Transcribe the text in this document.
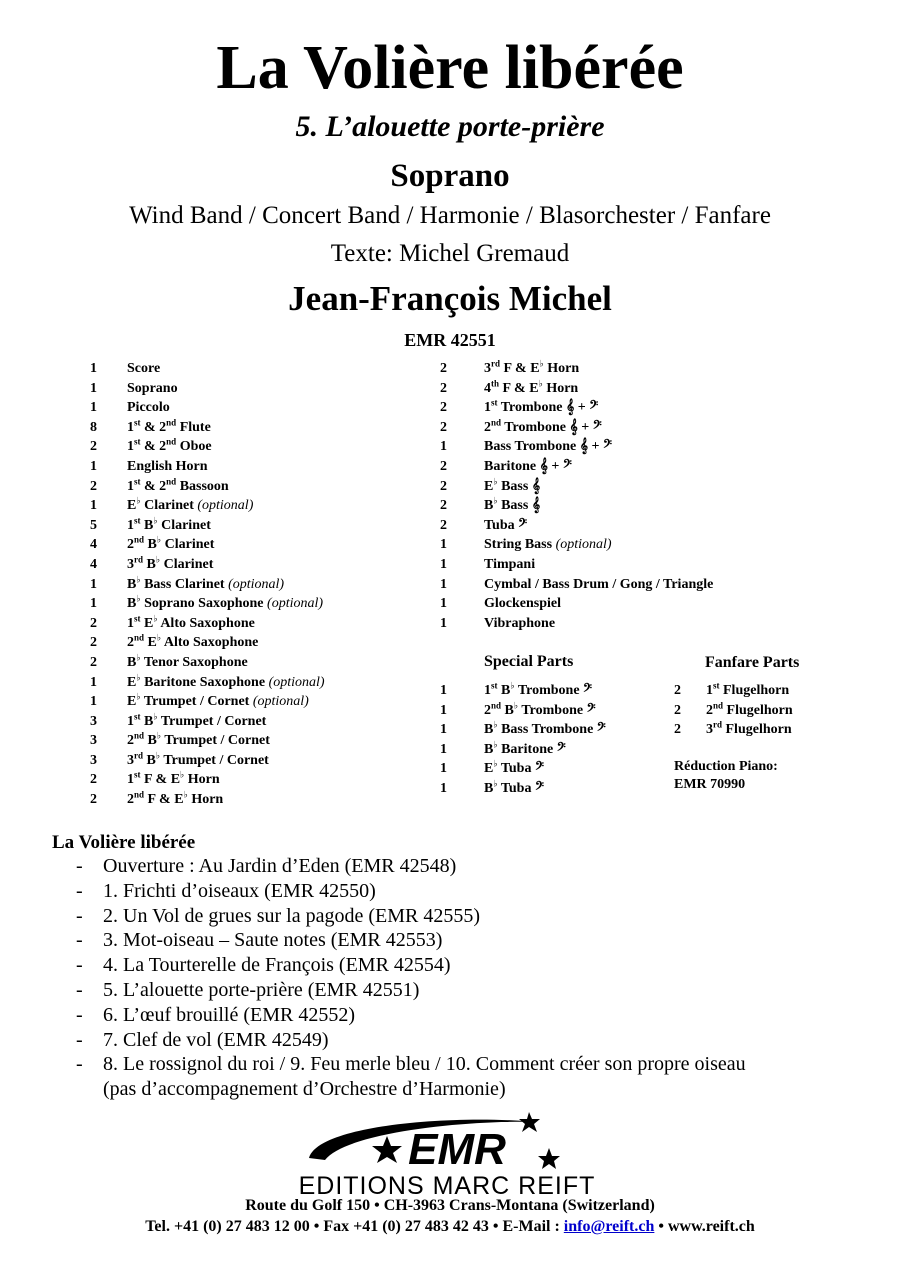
La Volière libérée
5. L’alouette porte-prière
Soprano
Wind Band / Concert Band / Harmonie / Blasorchester / Fanfare
Texte: Michel Gremaud
Jean-François Michel
EMR 42551
1 Score
1 Soprano
1 Piccolo
8 1st & 2nd Flute
2 1st & 2nd Oboe
1 English Horn
2 1st & 2nd Bassoon
1 E♭ Clarinet (optional)
5 1st B♭ Clarinet
4 2nd B♭ Clarinet
4 3rd B♭ Clarinet
1 B♭ Bass Clarinet (optional)
1 B♭ Soprano Saxophone (optional)
2 1st E♭ Alto Saxophone
2 2nd E♭ Alto Saxophone
2 B♭ Tenor Saxophone
1 E♭ Baritone Saxophone (optional)
1 E♭ Trumpet / Cornet (optional)
3 1st B♭ Trumpet / Cornet
3 2nd B♭ Trumpet / Cornet
3 3rd B♭ Trumpet / Cornet
2 1st F & E♭ Horn
2 2nd F & E♭ Horn
2	3rd F & E♭ Horn
2	4th F & E♭ Horn
2	1st Trombone 𝄞 + 𝄢
2	2nd Trombone 𝄞 + 𝄢
1	Bass Trombone 𝄞 + 𝄢
2	Baritone 𝄞 + 𝄢
2	E♭ Bass 𝄞
2	B♭ Bass 𝄞
2	Tuba 𝄢
1	String Bass (optional)
1	Timpani
1	Cymbal / Bass Drum / Gong / Triangle
1	Glockenspiel
1	Vibraphone
Special Parts	Fanfare Parts
1	1st B♭ Trombone 𝄢
1	2nd B♭ Trombone 𝄢
1	B♭ Bass Trombone 𝄢
1	B♭ Baritone 𝄢
1	E♭ Tuba 𝄢
1	B♭ Tuba 𝄢
2 1st Flugelhorn
2 2nd Flugelhorn
2 3rd Flugelhorn
Réduction Piano:
EMR 70990
La Volière libérée
- Ouverture : Au Jardin d’Eden (EMR 42548)
- 1. Frichti d’oiseaux (EMR 42550)
- 2. Un Vol de grues sur la pagode (EMR 42555)
- 3. Mot-oiseau – Saute notes (EMR 42553)
- 4. La Tourterelle de François (EMR 42554)
- 5. L’alouette porte-prière (EMR 42551)
- 6. L’œuf brouillé (EMR 42552)
- 7. Clef de vol (EMR 42549)
- 8. Le rossignol du roi / 9. Feu merle bleu / 10. Comment créer son propre oiseau
(pas d’accompagnement d’Orchestre d’Harmonie)
EMR
EDITIONS MARC REIFT
Route du Golf 150 • CH-3963 Crans-Montana (Switzerland)
Tel. +41 (0) 27 483 12 00 • Fax +41 (0) 27 483 42 43 • E-Mail : info@reift.ch • www.reift.ch
